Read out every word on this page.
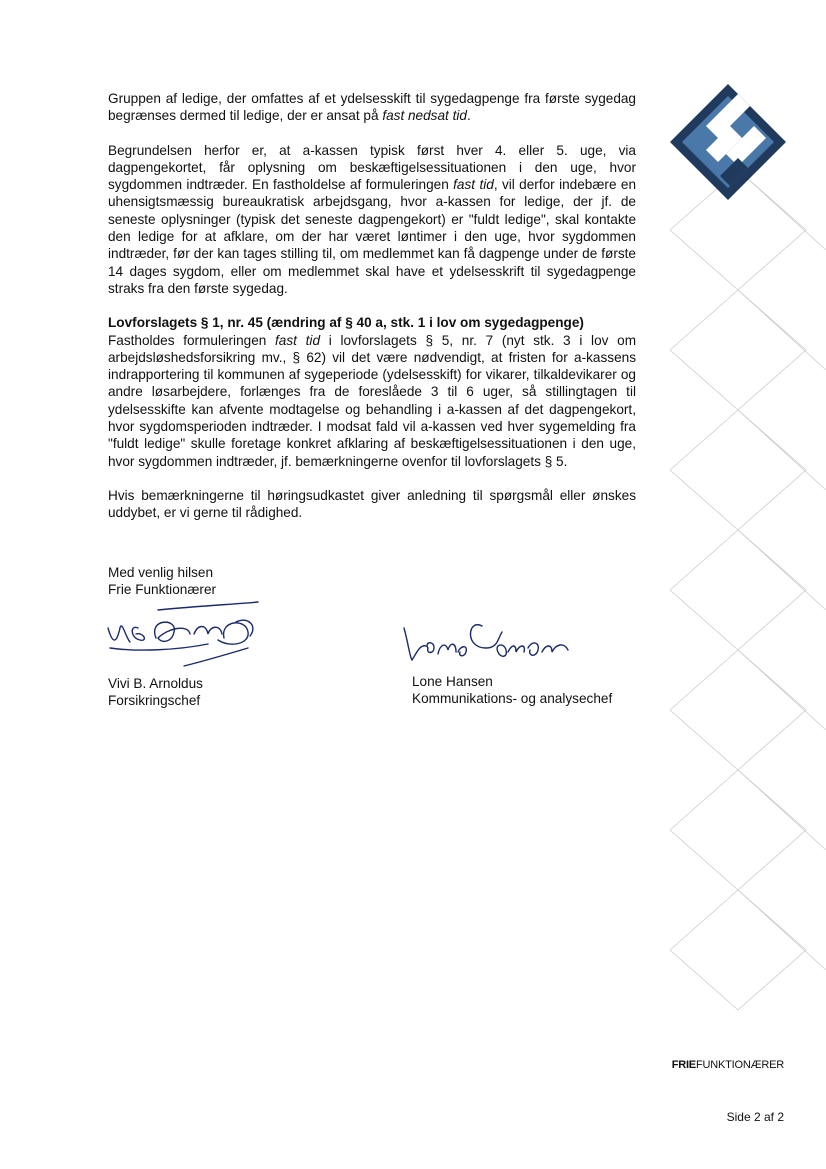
Gruppen af ledige, der omfattes af et ydelsesskift til sygedagpenge fra første sygedag begrænses dermed til ledige, der er ansat på fast nedsat tid.

Begrundelsen herfor er, at a-kassen typisk først hver 4. eller 5. uge, via dagpengekortet, får oplysning om beskæftigelsessituationen i den uge, hvor sygdommen indtræder. En fastholdelse af formuleringen fast tid, vil derfor indebære en uhensigtsmæssig bureaukratisk arbejdsgang, hvor a-kassen for ledige, der jf. de seneste oplysninger (typisk det seneste dagpengekort) er "fuldt ledige", skal kontakte den ledige for at afklare, om der har været løntimer i den uge, hvor sygdommen indtræder, før der kan tages stilling til, om medlemmet kan få dagpenge under de første 14 dages sygdom, eller om medlemmet skal have et ydelsesskrift til sygedagpenge straks fra den første sygedag.

Lovforslagets § 1, nr. 45 (ændring af § 40 a, stk. 1 i lov om sygedagpenge)
Fastholdes formuleringen fast tid i lovforslagets § 5, nr. 7 (nyt stk. 3 i lov om arbejdsløshedsforsikring mv., § 62) vil det være nødvendigt, at fristen for a-kassens indrapportering til kommunen af sygeperiode (ydelsesskift) for vikarer, tilkaldevikarer og andre løsarbejdere, forlænges fra de foreslåede 3 til 6 uger, så stillingtagen til ydelsesskifte kan afvente modtagelse og behandling i a-kassen af det dagpengekort, hvor sygdomsperioden indtræder. I modsat fald vil a-kassen ved hver sygemelding fra "fuldt ledige" skulle foretage konkret afklaring af beskæftigelsessituationen i den uge, hvor sygdommen indtræder, jf. bemærkningerne ovenfor til lovforslagets § 5.

Hvis bemærkningerne til høringsudkastet giver anledning til spørgsmål eller ønskes uddybet, er vi gerne til rådighed.

Med venlig hilsen
Frie Funktionærer
Vivi B. Arnoldus
Forsikringschef
Lone Hansen
Kommunikations- og analysechef
FRIEFUNKTIONÆRER
Side 2 af 2
